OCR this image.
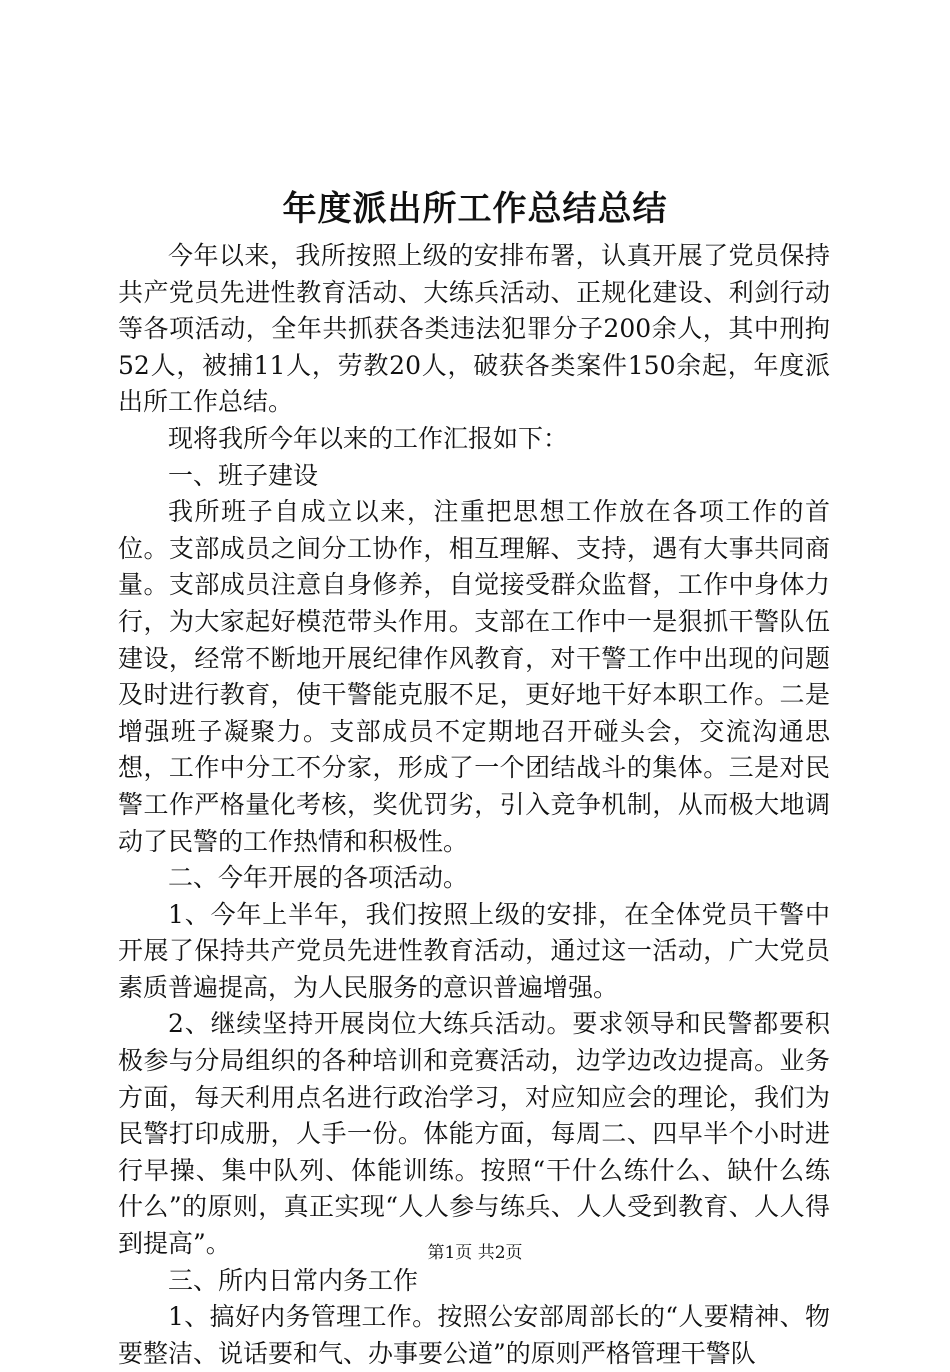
年度派出所工作总结总结

今年以来，我所按照上级的安排布署，认真开展了党员保持共产党员先进性教育活动、大练兵活动、正规化建设、利剑行动等各项活动，全年共抓获各类违法犯罪分子200余人，其中刑拘52人，被捕11人，劳教20人，破获各类案件150余起，年度派出所工作总结。

现将我所今年以来的工作汇报如下：

一、班子建设

我所班子自成立以来，注重把思想工作放在各项工作的首位。支部成员之间分工协作，相互理解、支持，遇有大事共同商量。支部成员注意自身修养，自觉接受群众监督，工作中身体力行，为大家起好模范带头作用。支部在工作中一是狠抓干警队伍建设，经常不断地开展纪律作风教育，对干警工作中出现的问题及时进行教育，使干警能克服不足，更好地干好本职工作。二是增强班子凝聚力。支部成员不定期地召开碰头会，交流沟通思想，工作中分工不分家，形成了一个团结战斗的集体。三是对民警工作严格量化考核，奖优罚劣，引入竞争机制，从而极大地调动了民警的工作热情和积极性。

二、今年开展的各项活动。

1、今年上半年，我们按照上级的安排，在全体党员干警中开展了保持共产党员先进性教育活动，通过这一活动，广大党员素质普遍提高，为人民服务的意识普遍增强。

2、继续坚持开展岗位大练兵活动。要求领导和民警都要积极参与分局组织的各种培训和竞赛活动，边学边改边提高。业务方面，每天利用点名进行政治学习，对应知应会的理论，我们为民警打印成册，人手一份。体能方面，每周二、四早半个小时进行早操、集中队列、体能训练。按照“干什么练什么、缺什么练什么”的原则，真正实现“人人参与练兵、人人受到教育、人人得到提高”。

三、所内日常内务工作

1、搞好内务管理工作。按照公安部周部长的“人要精神、物要整洁、说话要和气、办事要公道”的原则严格管理干警队

第1页 共2页
